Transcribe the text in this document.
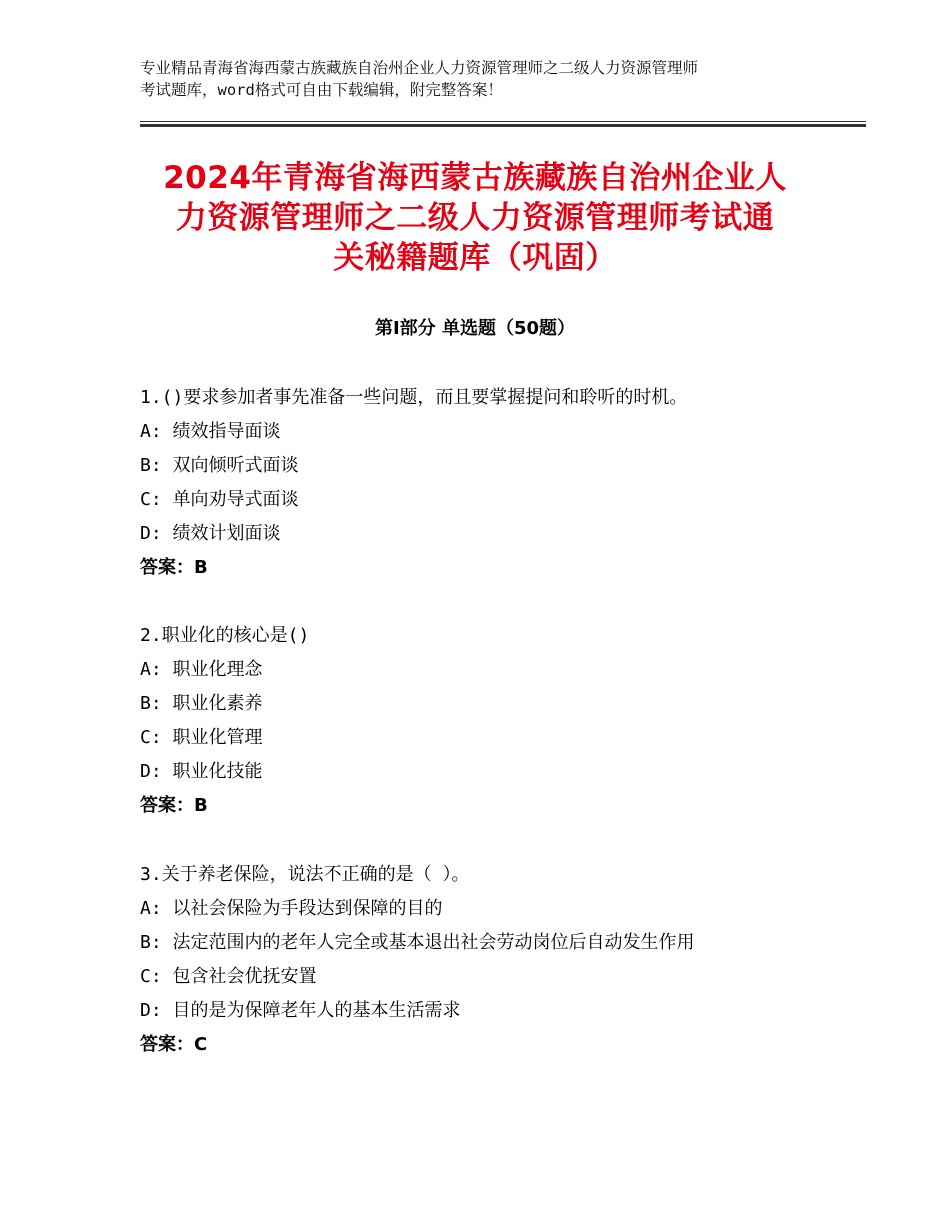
专业精品青海省海西蒙古族藏族自治州企业人力资源管理师之二级人力资源管理师
考试题库，word格式可自由下载编辑，附完整答案！
2024年青海省海西蒙古族藏族自治州企业人
力资源管理师之二级人力资源管理师考试通
关秘籍题库（巩固）
第Ⅰ部分 单选题（50题）
1.()要求参加者事先准备一些问题，而且要掌握提问和聆听的时机。
A: 绩效指导面谈
B: 双向倾听式面谈
C: 单向劝导式面谈
D: 绩效计划面谈
答案：B
2.职业化的核心是()
A: 职业化理念
B: 职业化素养
C: 职业化管理
D: 职业化技能
答案：B
3.关于养老保险，说法不正确的是（ ）。
A: 以社会保险为手段达到保障的目的
B: 法定范围内的老年人完全或基本退出社会劳动岗位后自动发生作用
C: 包含社会优抚安置
D: 目的是为保障老年人的基本生活需求
答案：C
